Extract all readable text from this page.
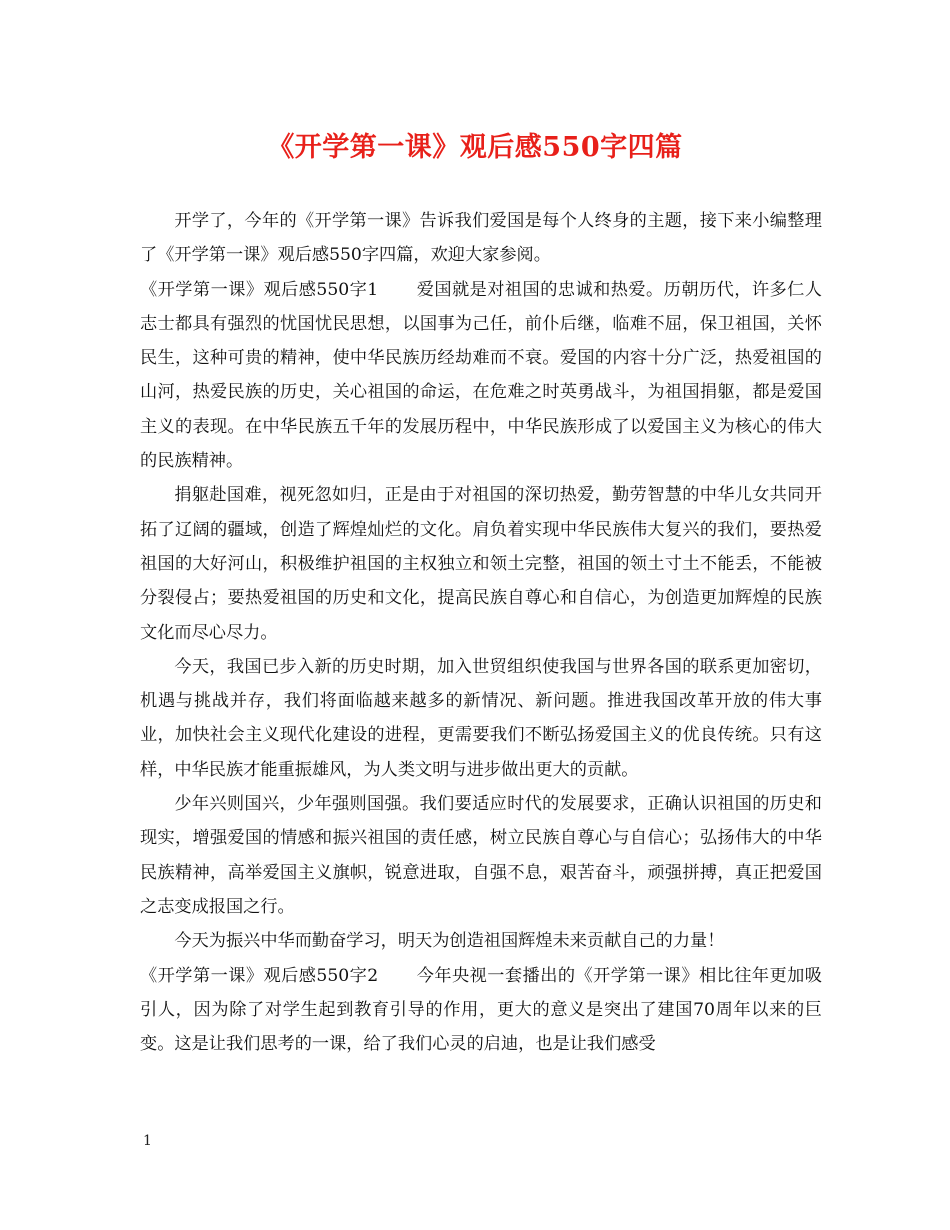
《开学第一课》观后感550字四篇

开学了，今年的《开学第一课》告诉我们爱国是每个人终身的主题，接下来小编整理了《开学第一课》观后感550字四篇，欢迎大家参阅。

《开学第一课》观后感550字1 爱国就是对祖国的忠诚和热爱。历朝历代，许多仁人志士都具有强烈的忧国忧民思想，以国事为己任，前仆后继，临难不屈，保卫祖国，关怀民生，这种可贵的精神，使中华民族历经劫难而不衰。爱国的内容十分广泛，热爱祖国的山河，热爱民族的历史，关心祖国的命运，在危难之时英勇战斗，为祖国捐躯，都是爱国主义的表现。在中华民族五千年的发展历程中，中华民族形成了以爱国主义为核心的伟大的民族精神。

捐躯赴国难，视死忽如归，正是由于对祖国的深切热爱，勤劳智慧的中华儿女共同开拓了辽阔的疆域，创造了辉煌灿烂的文化。肩负着实现中华民族伟大复兴的我们，要热爱祖国的大好河山，积极维护祖国的主权独立和领土完整，祖国的领土寸土不能丢，不能被分裂侵占；要热爱祖国的历史和文化，提高民族自尊心和自信心，为创造更加辉煌的民族文化而尽心尽力。

今天，我国已步入新的历史时期，加入世贸组织使我国与世界各国的联系更加密切，机遇与挑战并存，我们将面临越来越多的新情况、新问题。推进我国改革开放的伟大事业，加快社会主义现代化建设的进程，更需要我们不断弘扬爱国主义的优良传统。只有这样，中华民族才能重振雄风，为人类文明与进步做出更大的贡献。

少年兴则国兴，少年强则国强。我们要适应时代的发展要求，正确认识祖国的历史和现实，增强爱国的情感和振兴祖国的责任感，树立民族自尊心与自信心；弘扬伟大的中华民族精神，高举爱国主义旗帜，锐意进取，自强不息，艰苦奋斗，顽强拼搏，真正把爱国之志变成报国之行。

今天为振兴中华而勤奋学习，明天为创造祖国辉煌未来贡献自己的力量！

《开学第一课》观后感550字2 今年央视一套播出的《开学第一课》相比往年更加吸引人，因为除了对学生起到教育引导的作用，更大的意义是突出了建国70周年以来的巨变。这是让我们思考的一课，给了我们心灵的启迪，也是让我们感受

1
